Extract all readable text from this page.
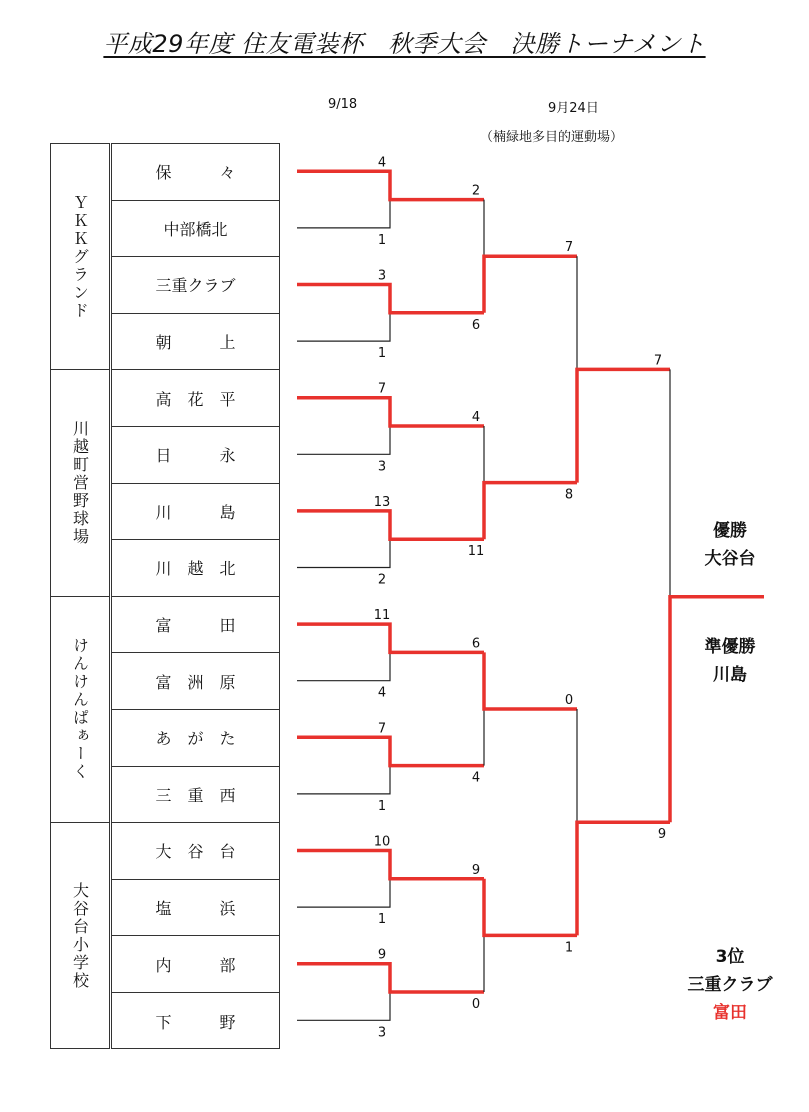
平成29年度 住友電装杯　秋季大会　決勝トーナメント
9/18	9月24日
（楠緑地多目的運動場）
ＹＫＫグランド
川越町営野球場
けんけんぱぁーく
大谷台小学校
保　　　々
中部橋北
三重クラブ
朝　　　上
高　花　平
日　　　永
川　　　島
川　越　北
富　　　田
富　洲　原
あ　が　た
三　重　西
大　谷　台
塩　　　浜
内　　　部
下　　　野
4
1
3
1
7
3
13
2
11
4
7
1
10
1
9
3
2
6
4
11
6
4
9
0
7
8
0
1
7
9
優勝
大谷台
準優勝
川島
3位
三重クラブ
富田
